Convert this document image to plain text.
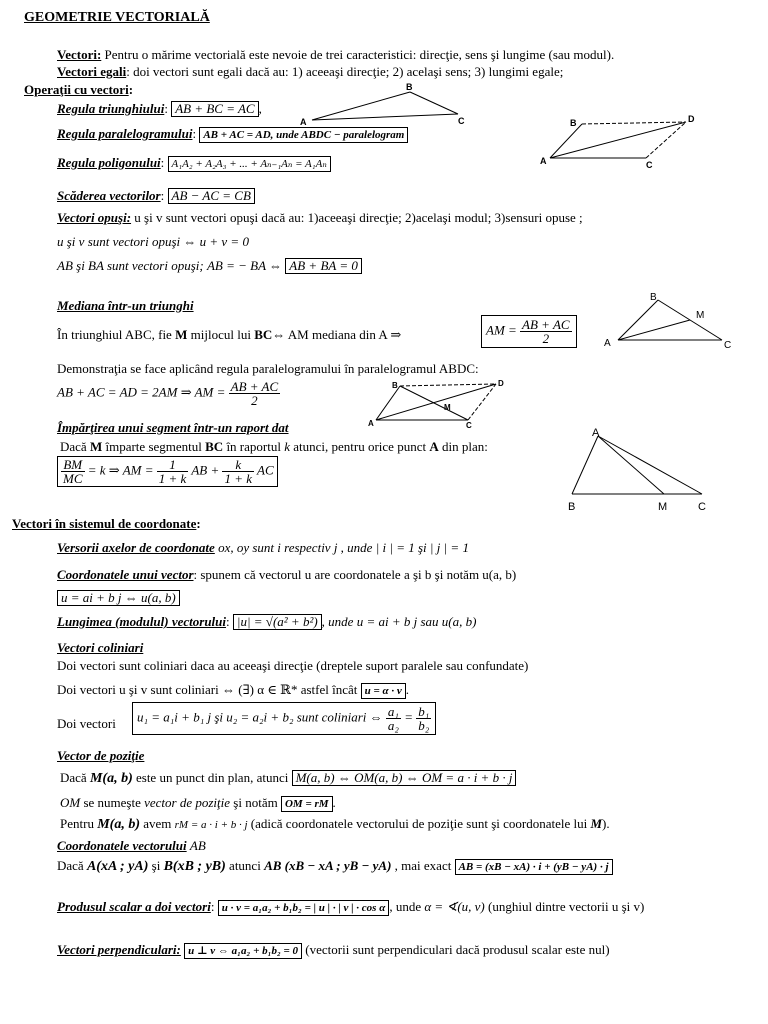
GEOMETRIE VECTORIALĂ
Vectori: Pentru o mărime vectorială este nevoie de trei caracteristici: direcţie, sens şi lungime (sau modul).
Vectori egali: doi vectori sunt egali dacă au: 1) aceeaşi direcţie; 2) acelaşi sens; 3) lungimi egale;
Operaţii cu vectori:
Regula triunghiului: AB + BC = AC ,
Regula paralelogramului: AB + AC = AD, unde ABDC − paralelogram
Regula poligonului: A₁A₂ + A₂A₃ + ... + Aₙ₋₁Aₙ = A₁Aₙ
Scăderea vectorilor: AB − AC = CB
Vectori opuşi: u şi v sunt vectori opuşi dacă au: 1)aceeaşi direcţie; 2)acelaşi modul; 3)sensuri opuse ;
u şi v sunt vectori opuşi ⇔ u + v = 0
AB şi BA sunt vectori opuşi; AB = − BA ⇔ AB + BA = 0
A
B
C
A
B
C
D
Mediana într-un triunghi
În triunghiul ABC, fie M mijlocul lui BC⇔ AM mediana din A ⇒	AM = $\frac{AB + AC}{2}$	A
B
C
M
Demonstraţia se face aplicând regula paralelogramului în paralelogramul ABDC:
AB + AC = AD = 2AM ⇒ AM = $\frac{AB + AC}{2}$
A
B
C
D
M
Împărţirea unui segment într-un raport dat
Dacă M împarte segmentul BC în raportul k atunci, pentru orice punct A din plan:
$\frac{BM}{MC} = k$ ⇒ AM = $\frac{1}{1 + k}$ AB + $\frac{k}{1 + k}$ AC
A
B	M	C
Vectori în sistemul de coordonate:
Versorii axelor de coordonate ox, oy sunt i respectiv j , unde | i | = 1 şi | j | = 1
Coordonatele unui vector: spunem că vectorul u are coordonatele a şi b şi notăm u(a, b)
u = ai + b j ⇔ u(a, b)
Lungimea (modulul) vectorului: |u| = √(a² + b²) , unde u = ai + b j sau u(a, b)
Vectori coliniari
Doi vectori sunt coliniari daca au aceeaşi direcţie (dreptele suport paralele sau confundate)
Doi vectori u şi v sunt coliniari ⇔ (∃) α ∈ ℝ* astfel încât u = α · v .
Doi vectori	u₁ = a₁i + b₁ j şi u₂ = a₂i + b₂ sunt coliniari ⇔ $\frac{\text{a₁}}{\text{a₂}} = \frac{\text{b₁}}{\text{b₂}}$
Vector de poziţie
Dacă M(a, b) este un punct din plan, atunci M(a, b) ⇔ OM(a, b) ⇔ OM = a · i + b · j
OM se numeşte vector de poziţie şi notăm OM = rM .
Pentru M(a, b) avem rM = a · i + b · j (adică coordonatele vectorului de poziţie sunt şi coordonatele lui M).
Coordonatele vectorului AB
Dacă A(xA ; yA) şi B(xB ; yB) atunci AB (xB − xA ; yB − yA) , mai exact AB = (xB − xA) · i + (yB − yA) · j
Produsul scalar a doi vectori: u · v = a₁a₂ + b₁b₂ = | u | · | v | · cos α , unde α = ∢(u, v) (unghiul dintre vectorii u şi v)
Vectori perpendiculari: u ⊥ v ⇔ a₁a₂ + b₁b₂ = 0 (vectorii sunt perpendiculari dacă produsul scalar este nul)
